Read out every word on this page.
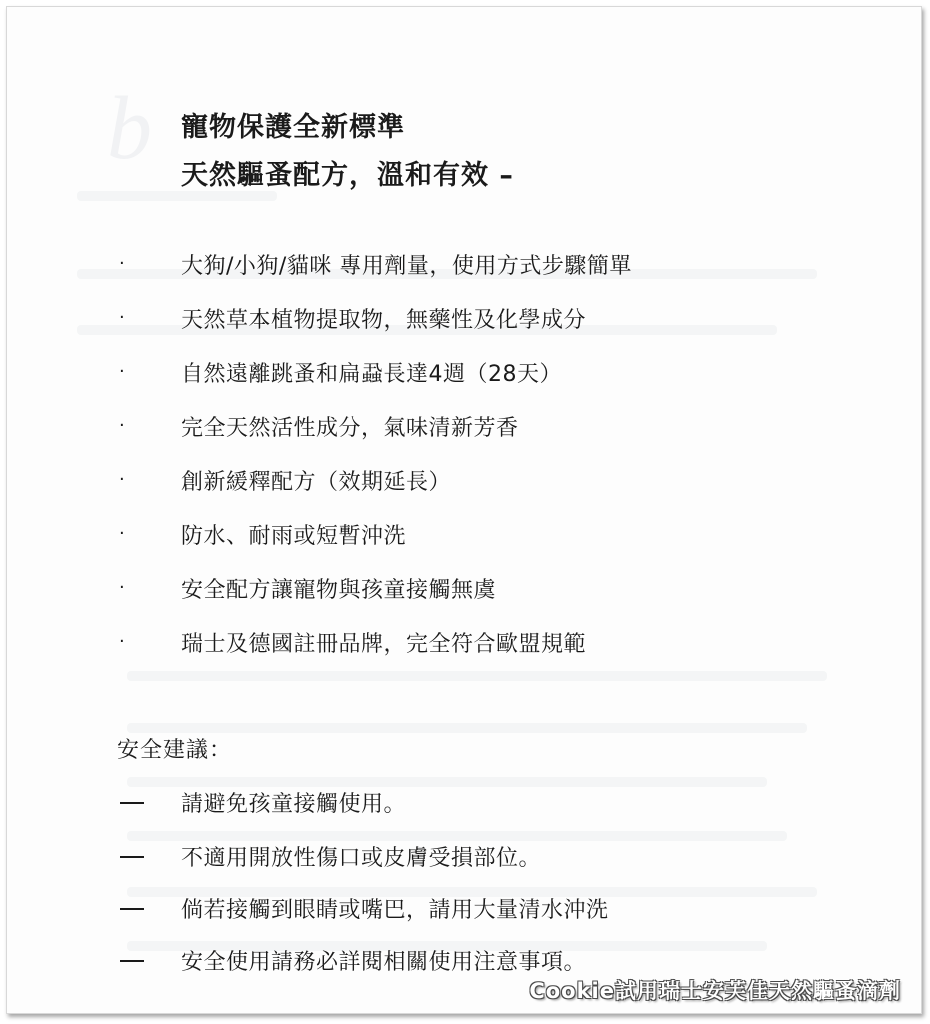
b 寵物保護全新標準
天然驅蚤配方，溫和有效 –
·	大狗/小狗/貓咪 專用劑量，使用方式步驟簡單
·	天然草本植物提取物，無藥性及化學成分
·	自然遠離跳蚤和扁蝨長達4週（28天）
·	完全天然活性成分，氣味清新芳香
·	創新緩釋配方（效期延長）
·	防水、耐雨或短暫沖洗
·	安全配方讓寵物與孩童接觸無虞
·	瑞士及德國註冊品牌，完全符合歐盟規範
安全建議：
請避免孩童接觸使用。
不適用開放性傷口或皮膚受損部位。
倘若接觸到眼睛或嘴巴，請用大量清水沖洗
安全使用請務必詳閱相關使用注意事項。
Cookie試用瑞士安芙佳天然驅蚤滴劑
